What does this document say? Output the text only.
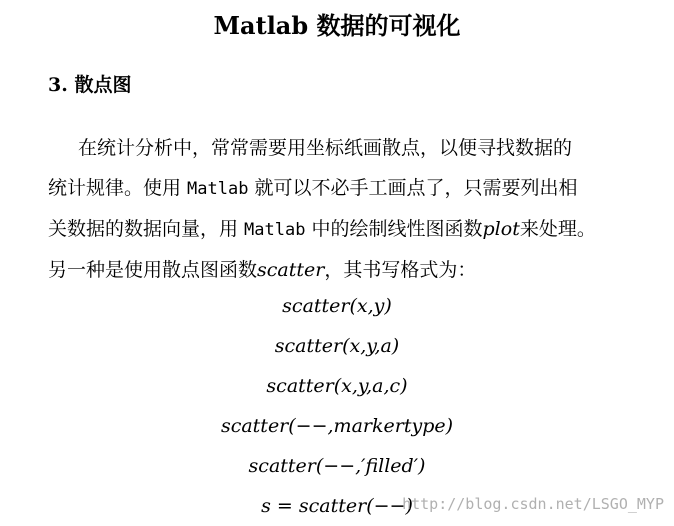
Matlab 数据的可视化
3. 散点图
在统计分析中，常常需要用坐标纸画散点，以便寻找数据的
统计规律。使用 Matlab 就可以不必手工画点了，只需要列出相
关数据的数据向量，用 Matlab 中的绘制线性图函数plot来处理。
另一种是使用散点图函数scatter，其书写格式为：
scatter(x,y)
scatter(x,y,a)
scatter(x,y,a,c)
scatter(−−,markertype)
scatter(−−,′filled′)
s = scatter(−−)
http://blog.csdn.net/LSGO_MYP
